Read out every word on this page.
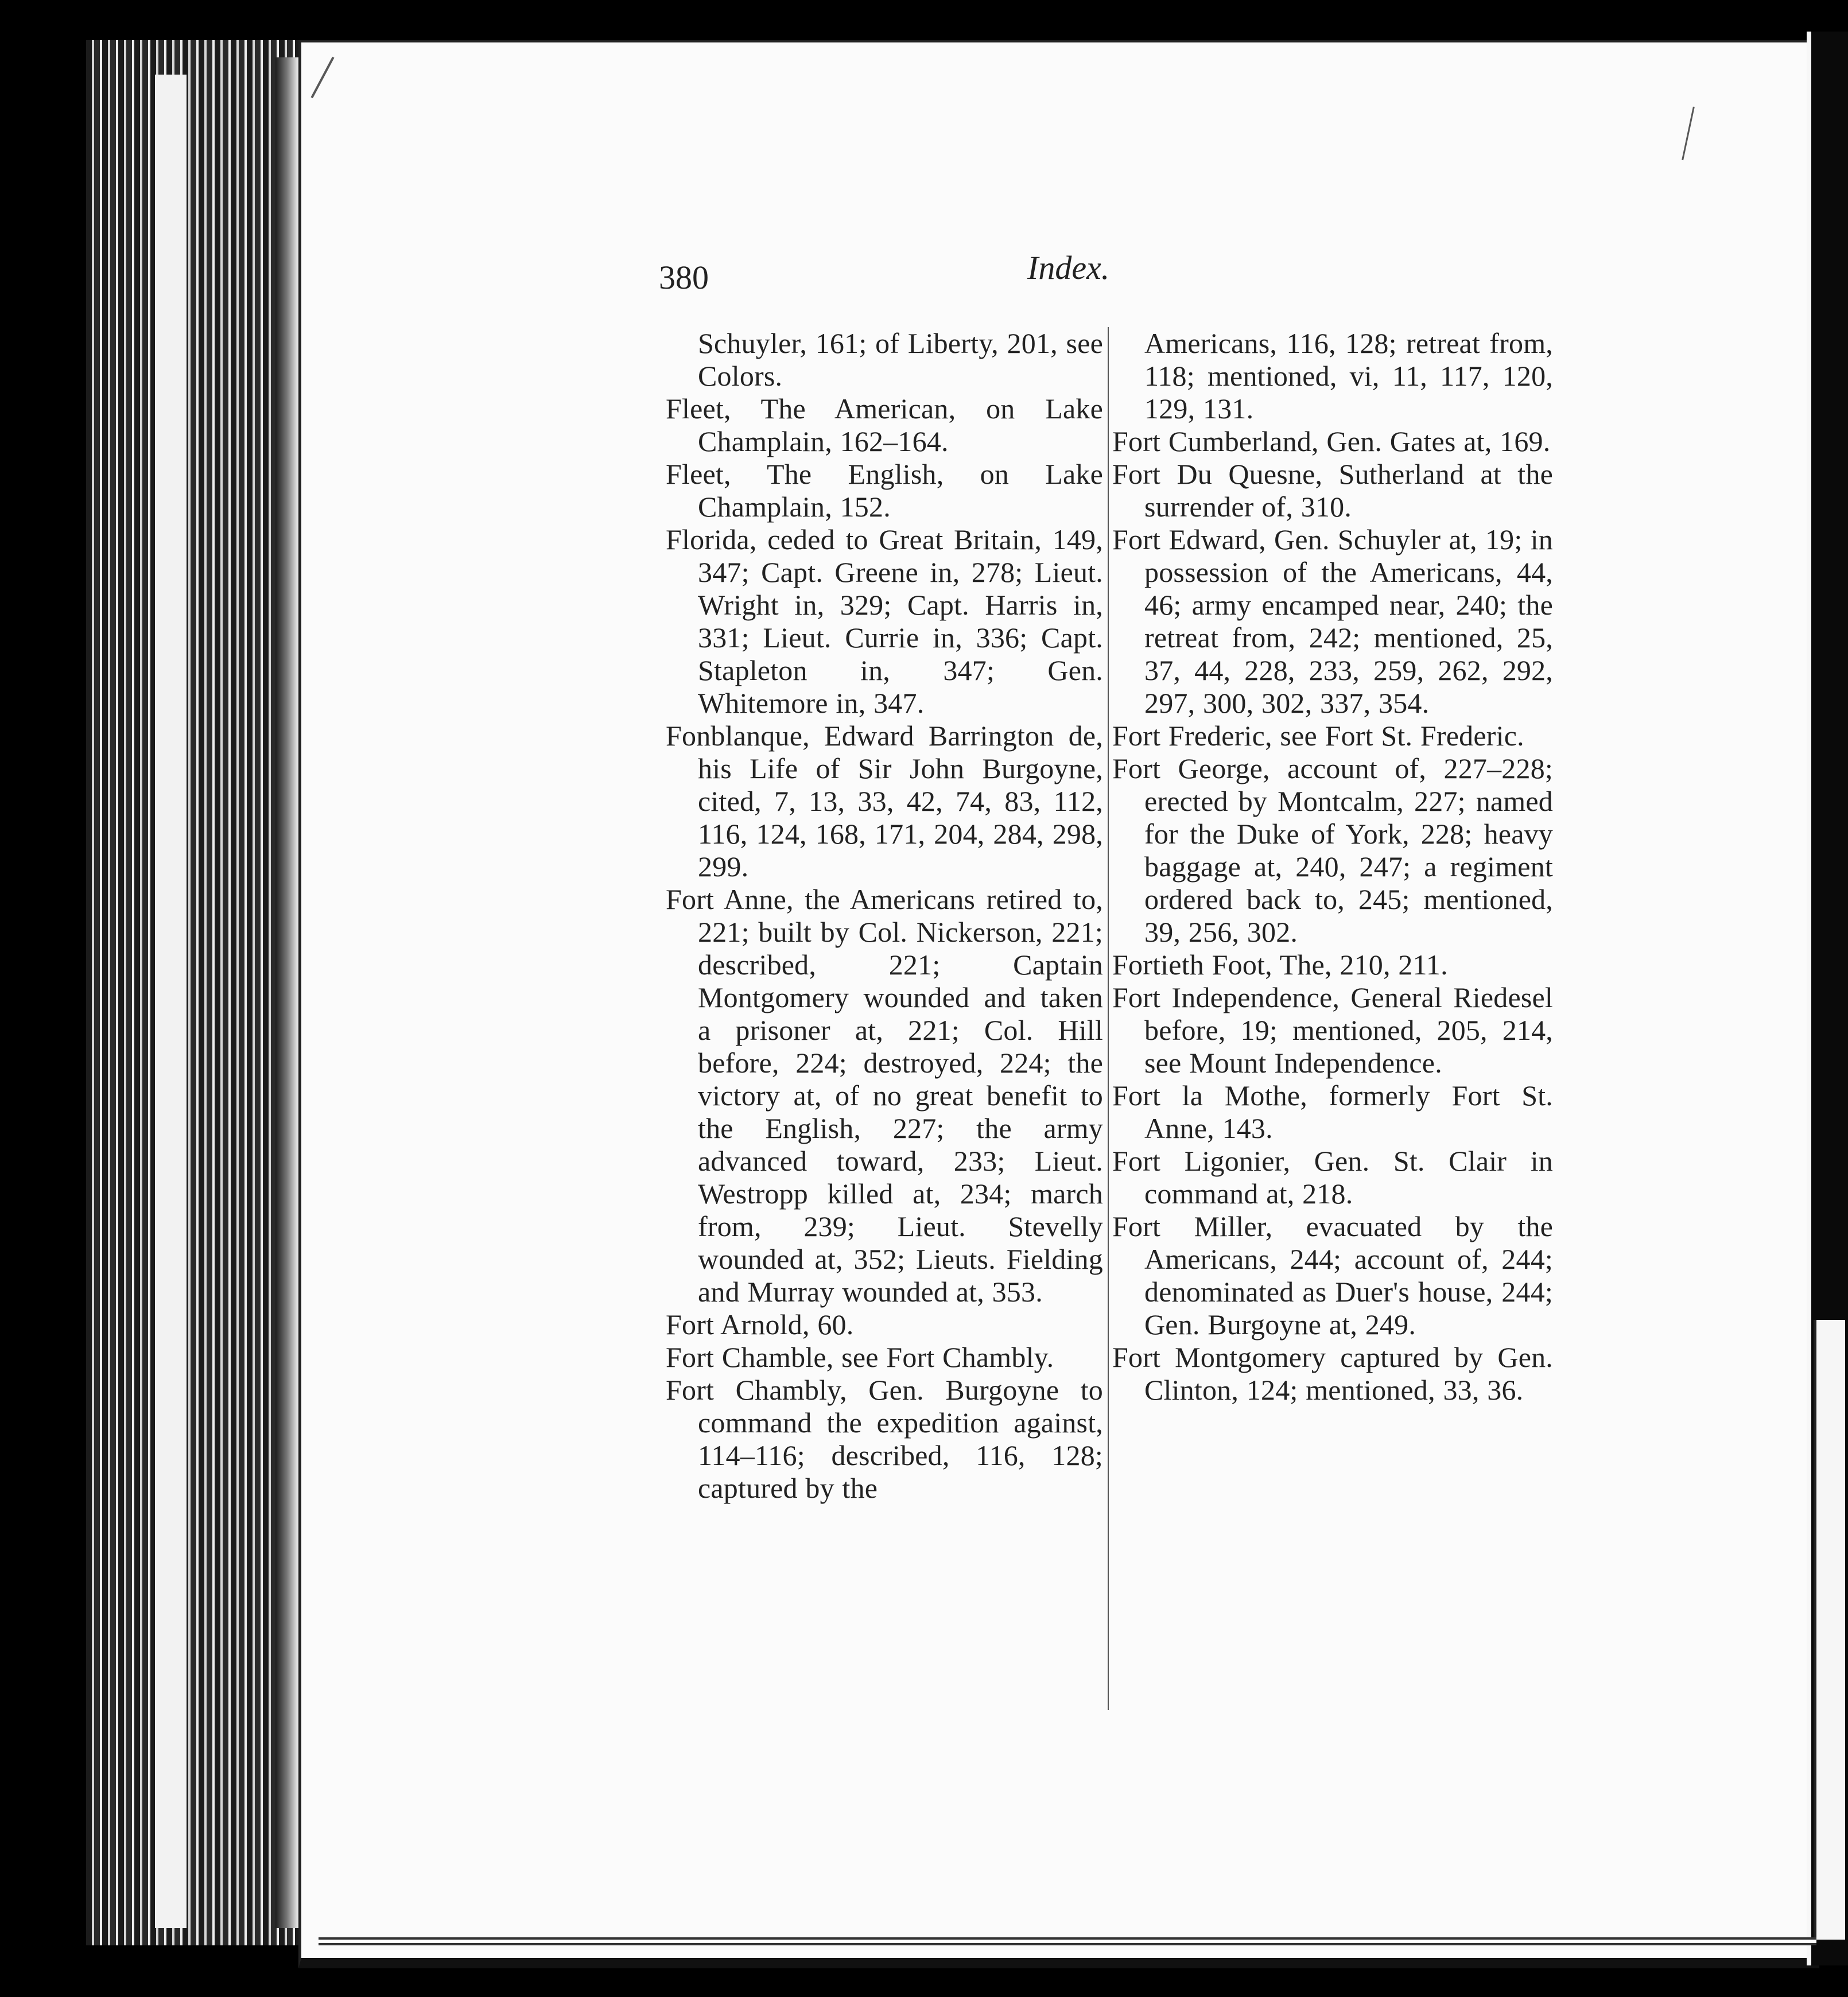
380	Index.

Schuyler, 161; of Liberty, 201, see Colors.

Fleet, The American, on Lake Champlain, 162–164.

Fleet, The English, on Lake Champlain, 152.

Florida, ceded to Great Britain, 149, 347; Capt. Greene in, 278; Lieut. Wright in, 329; Capt. Harris in, 331; Lieut. Currie in, 336; Capt. Stapleton in, 347; Gen. Whitemore in, 347.

Fonblanque, Edward Barrington de, his Life of Sir John Burgoyne, cited, 7, 13, 33, 42, 74, 83, 112, 116, 124, 168, 171, 204, 284, 298, 299.

Fort Anne, the Americans retired to, 221; built by Col. Nickerson, 221; described, 221; Captain Montgomery wounded and taken a prisoner at, 221; Col. Hill before, 224; destroyed, 224; the victory at, of no great benefit to the English, 227; the army advanced toward, 233; Lieut. Westropp killed at, 234; march from, 239; Lieut. Stevelly wounded at, 352; Lieuts. Fielding and Murray wounded at, 353.

Fort Arnold, 60.

Fort Chamble, see Fort Chambly.

Fort Chambly, Gen. Burgoyne to command the expedition against, 114–116; described, 116, 128; captured by the

Americans, 116, 128; retreat from, 118; mentioned, vi, 11, 117, 120, 129, 131.

Fort Cumberland, Gen. Gates at, 169.

Fort Du Quesne, Sutherland at the surrender of, 310.

Fort Edward, Gen. Schuyler at, 19; in possession of the Americans, 44, 46; army encamped near, 240; the retreat from, 242; mentioned, 25, 37, 44, 228, 233, 259, 262, 292, 297, 300, 302, 337, 354.

Fort Frederic, see Fort St. Frederic.

Fort George, account of, 227–228; erected by Montcalm, 227; named for the Duke of York, 228; heavy baggage at, 240, 247; a regiment ordered back to, 245; mentioned, 39, 256, 302.

Fortieth Foot, The, 210, 211.

Fort Independence, General Riedesel before, 19; mentioned, 205, 214, see Mount Independence.

Fort la Mothe, formerly Fort St. Anne, 143.

Fort Ligonier, Gen. St. Clair in command at, 218.

Fort Miller, evacuated by the Americans, 244; account of, 244; denominated as Duer's house, 244; Gen. Burgoyne at, 249.

Fort Montgomery captured by Gen. Clinton, 124; mentioned, 33, 36.
